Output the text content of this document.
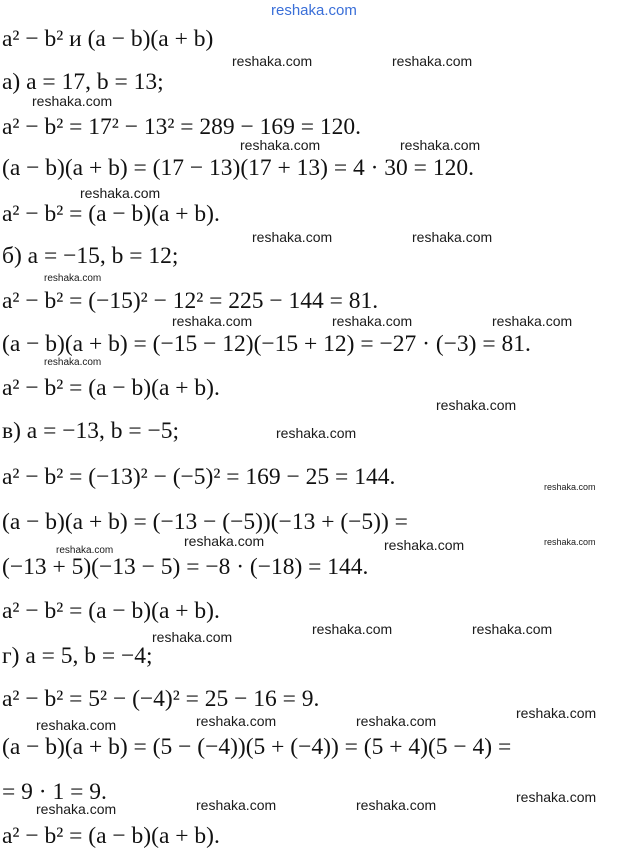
reshaka.com
a² − b² и (a − b)(a + b)
а) a = 17, b = 13;
a² − b² = 17² − 13² = 289 − 169 = 120.
(a − b)(a + b) = (17 − 13)(17 + 13) = 4 · 30 = 120.
a² − b² = (a − b)(a + b).
б) a = −15, b = 12;
a² − b² = (−15)² − 12² = 225 − 144 = 81.
(a − b)(a + b) = (−15 − 12)(−15 + 12) = −27 · (−3) = 81.
a² − b² = (a − b)(a + b).
в) a = −13, b = −5;
a² − b² = (−13)² − (−5)² = 169 − 25 = 144.
(a − b)(a + b) = (−13 − (−5))(−13 + (−5)) =
(−13 + 5)(−13 − 5) = −8 · (−18) = 144.
a² − b² = (a − b)(a + b).
г) a = 5, b = −4;
a² − b² = 5² − (−4)² = 25 − 16 = 9.
(a − b)(a + b) = (5 − (−4))(5 + (−4)) = (5 + 4)(5 − 4) =
= 9 · 1 = 9.
a² − b² = (a − b)(a + b).
reshaka.com	reshaka.com
reshaka.com
reshaka.com	reshaka.com
reshaka.com
reshaka.com	reshaka.com
reshaka.com
reshaka.com	reshaka.com	reshaka.com
reshaka.com
reshaka.com
reshaka.com
reshaka.com
reshaka.com	reshaka.com	reshaka.com
reshaka.com
reshaka.com	reshaka.com
reshaka.com
reshaka.com
reshaka.com	reshaka.com	reshaka.com
reshaka.com
reshaka.com	reshaka.com	reshaka.com
